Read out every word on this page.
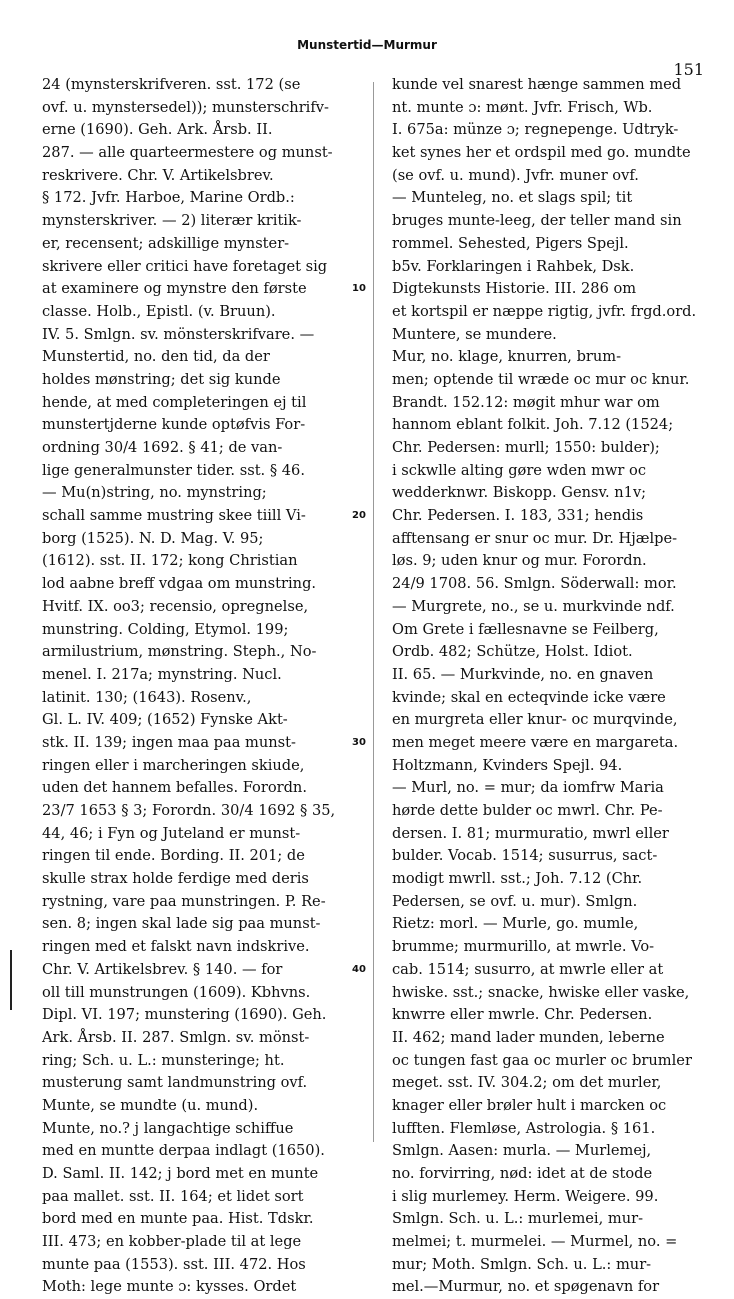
Munstertid—Murmur
151
10
20
30
40
24 (mynsterskrifveren. sst. 172 (se
ovf. u. mynstersedel)); munsterschrifv-
erne (1690). Geh. Ark. Årsb. II.
287. — alle quarteermestere og munst-
reskrivere. Chr. V. Artikelsbrev.
§ 172. Jvfr. Harboe, Marine Ordb.:
mynsterskriver. — 2) literær kritik-
er, recensent; adskillige mynster-
skrivere eller critici have foretaget sig
at examinere og mynstre den første
classe. Holb., Epistl. (v. Bruun).
IV. 5. Smlgn. sv. mönsterskrifvare. —
Munstertid, no. den tid, da der
holdes mønstring; det sig kunde
hende, at med completeringen ej til
munstertjderne kunde optøfvis For-
ordning 30/4 1692. § 41; de van-
lige generalmunster tider. sst. § 46.
— Mu(n)string, no. mynstring;
schall samme mustring skee tiill Vi-
borg (1525). N. D. Mag. V. 95;
(1612). sst. II. 172; kong Christian
lod aabne breff vdgaa om munstring.
Hvitf. IX. oo3; recensio, opregnelse,
munstring. Colding, Etymol. 199;
armilustrium, mønstring. Steph., No-
menel. I. 217a; mynstring. Nucl.
latinit. 130; (1643). Rosenv.,
Gl. L. IV. 409; (1652) Fynske Akt-
stk. II. 139; ingen maa paa munst-
ringen eller i marcheringen skiude,
uden det hannem befalles. Forordn.
23/7 1653 § 3; Forordn. 30/4 1692 § 35,
44, 46; i Fyn og Juteland er munst-
ringen til ende. Bording. II. 201; de
skulle strax holde ferdige med deris
rystning, vare paa munstringen. P. Re-
sen. 8; ingen skal lade sig paa munst-
ringen med et falskt navn indskrive.
Chr. V. Artikelsbrev. § 140. — for
oll till munstrungen (1609). Kbhvns.
Dipl. VI. 197; munstering (1690). Geh.
Ark. Årsb. II. 287. Smlgn. sv. mönst-
ring; Sch. u. L.: munsteringe; ht.
musterung samt landmunstring ovf.
Munte, se mundte (u. mund).
Munte, no.? j langachtige schiffue
med en muntte derpaa indlagt (1650).
D. Saml. II. 142; j bord met en munte
paa mallet. sst. II. 164; et lidet sort
bord med en munte paa. Hist. Tdskr.
III. 473; en kobber-plade til at lege
munte paa (1553). sst. III. 472. Hos
Moth: lege munte ɔ: kysses. Ordet
kunde vel snarest hænge sammen med
nt. munte ɔ: mønt. Jvfr. Frisch, Wb.
I. 675a: münze ɔ; regnepenge. Udtryk-
ket synes her et ordspil med go. mundte
(se ovf. u. mund). Jvfr. muner ovf.
— Munteleg, no. et slags spil; tit
bruges munte-leeg, der teller mand sin
rommel. Sehested, Pigers Spejl.
b5v. Forklaringen i Rahbek, Dsk.
Digtekunsts Historie. III. 286 om
et kortspil er næppe rigtig, jvfr. frgd.ord.
Muntere, se mundere.
Mur, no. klage, knurren, brum-
men; optende til wræde oc mur oc knur.
Brandt. 152.12: møgit mhur war om
hannom eblant folkit. Joh. 7.12 (1524;
Chr. Pedersen: murll; 1550: bulder);
i sckwlle alting gøre wden mwr oc
wedderknwr. Biskopp. Gensv. n1v;
Chr. Pedersen. I. 183, 331; hendis
afftensang er snur oc mur. Dr. Hjælpe-
løs. 9; uden knur og mur. Forordn.
24/9 1708. 56. Smlgn. Söderwall: mor.
— Murgrete, no., se u. murkvinde ndf.
Om Grete i fællesnavne se Feilberg,
Ordb. 482; Schütze, Holst. Idiot.
II. 65. — Murkvinde, no. en gnaven
kvinde; skal en ecteqvinde icke være
en murgreta eller knur- oc murqvinde,
men meget meere være en margareta.
Holtzmann, Kvinders Spejl. 94.
— Murl, no. = mur; da iomfrw Maria
hørde dette bulder oc mwrl. Chr. Pe-
dersen. I. 81; murmuratio, mwrl eller
bulder. Vocab. 1514; susurrus, sact-
modigt mwrll. sst.; Joh. 7.12 (Chr.
Pedersen, se ovf. u. mur). Smlgn.
Rietz: morl. — Murle, go. mumle,
brumme; murmurillo, at mwrle. Vo-
cab. 1514; susurro, at mwrle eller at
hwiske. sst.; snacke, hwiske eller vaske,
knwrre eller mwrle. Chr. Pedersen.
II. 462; mand lader munden, leberne
oc tungen fast gaa oc murler oc brumler
meget. sst. IV. 304.2; om det murler,
knager eller brøler hult i marcken oc
lufften. Flemløse, Astrologia. § 161.
Smlgn. Aasen: murla. — Murlemej,
no. forvirring, nød: idet at de stode
i slig murlemey. Herm. Weigere. 99.
Smlgn. Sch. u. L.: murlemei, mur-
melmei; t. murmelei. — Murmel, no. =
mur; Moth. Smlgn. Sch. u. L.: mur-
mel.—Murmur, no. et spøgenavn for
